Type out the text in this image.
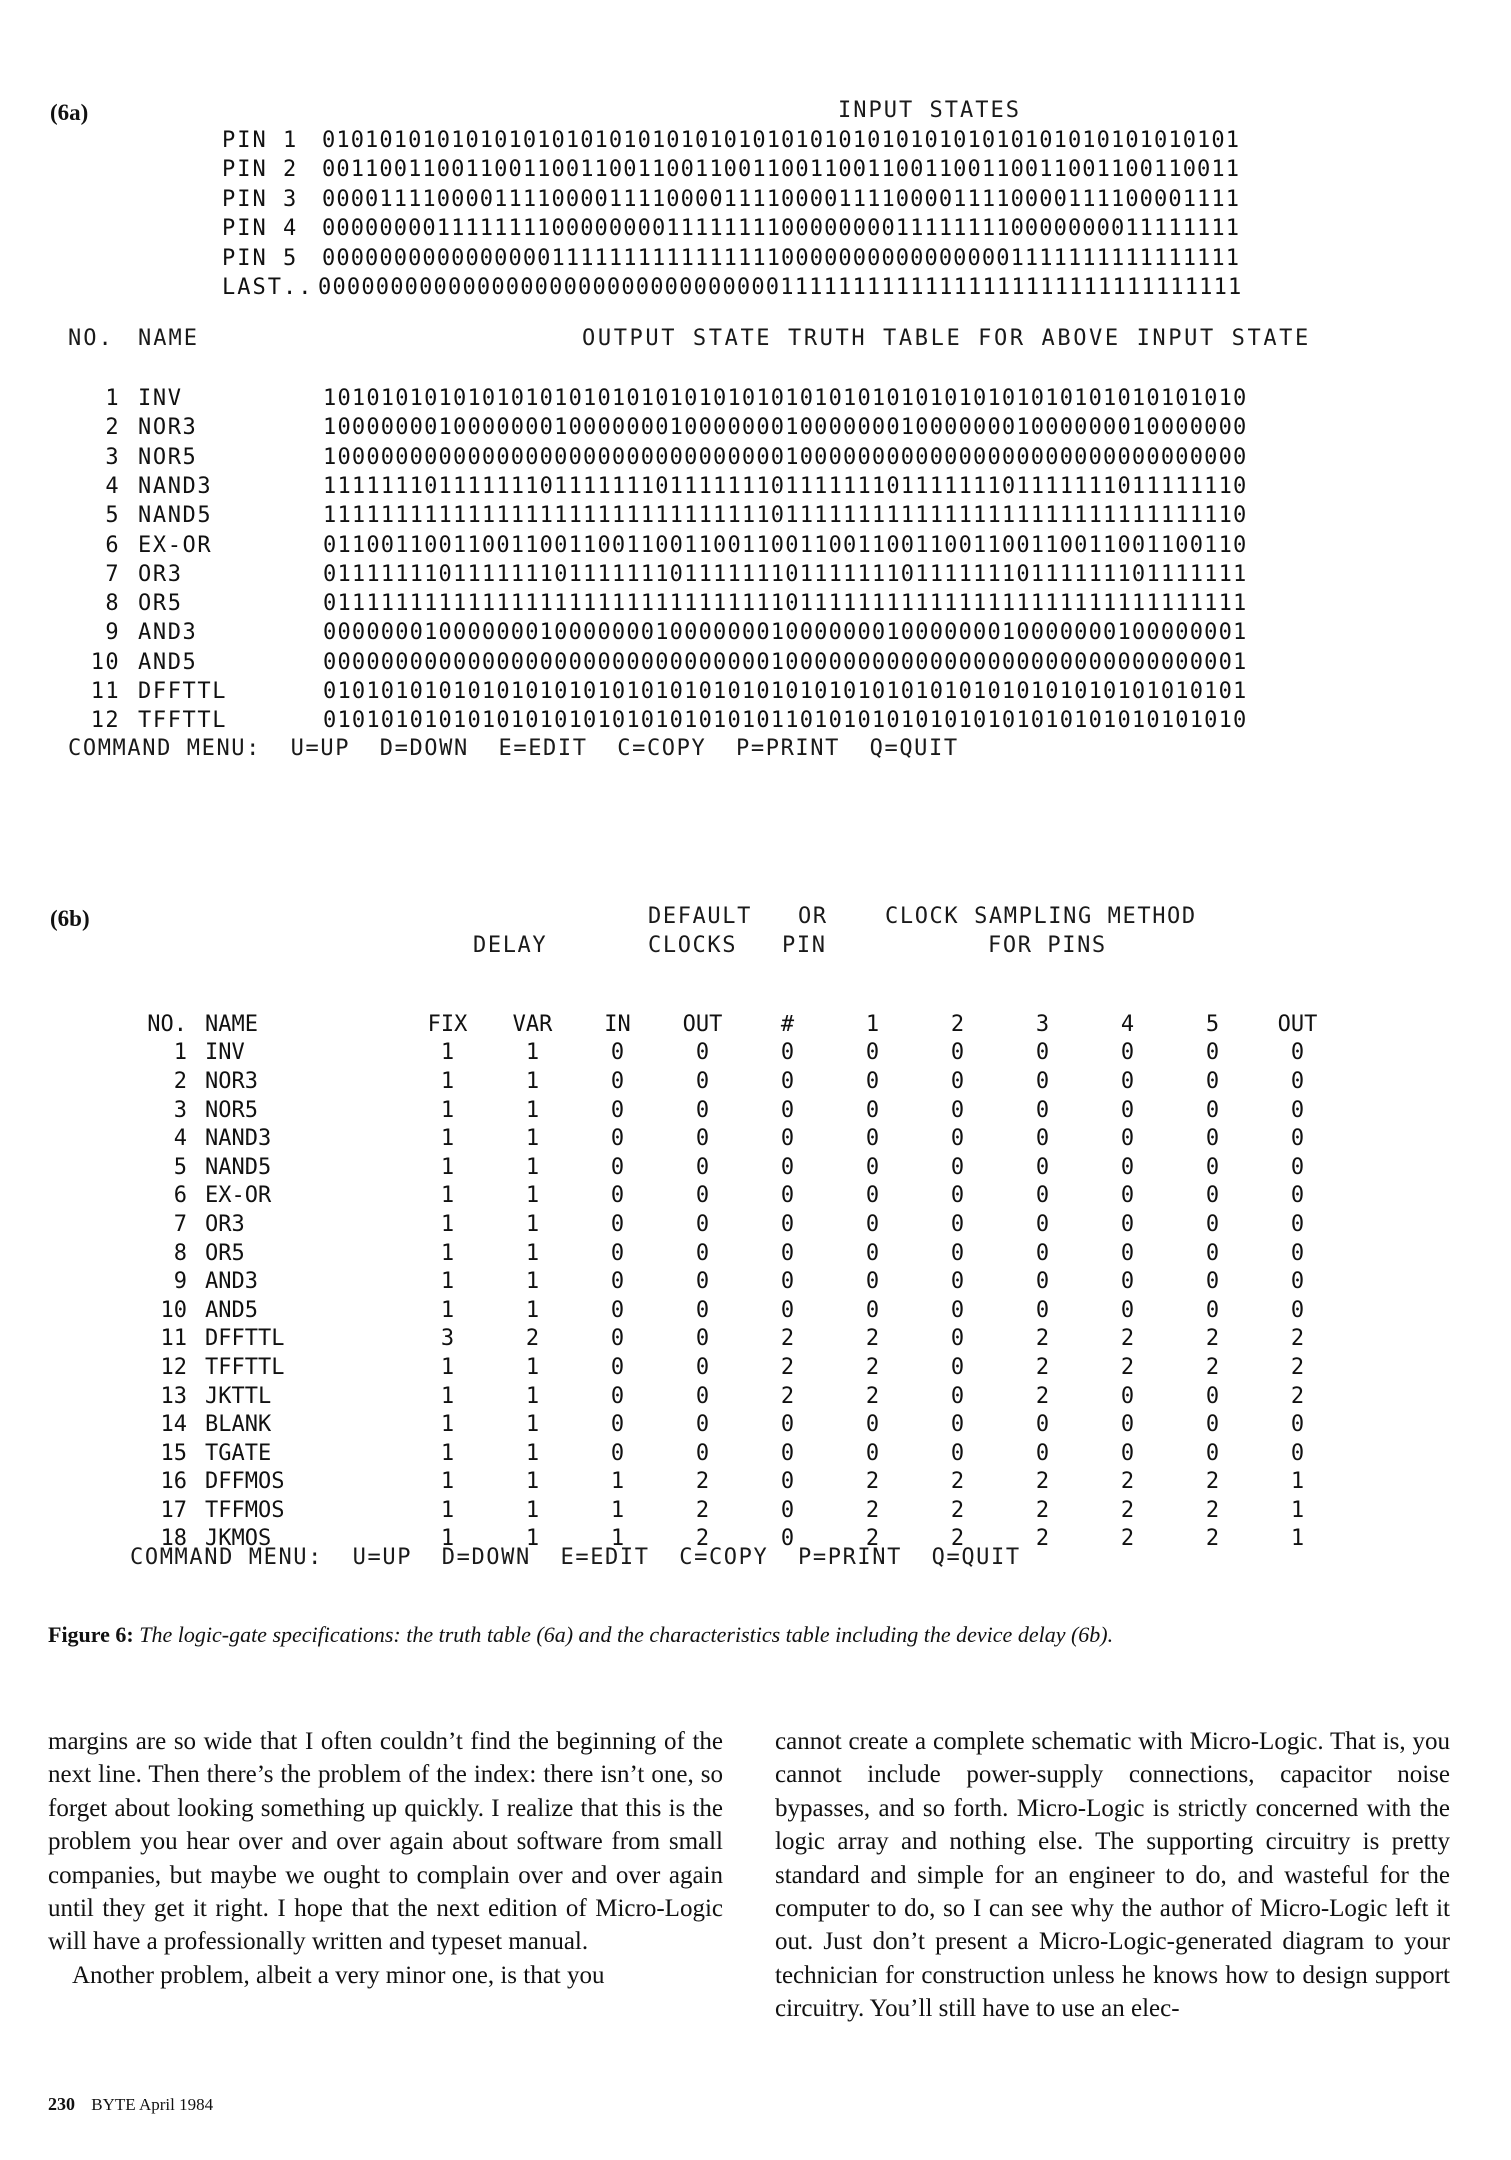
(6a)	INPUT STATES
PIN 1 0101010101010101010101010101010101010101010101010101010101010101
PIN 2 0011001100110011001100110011001100110011001100110011001100110011
PIN 3 0000111100001111000011110000111100001111000011110000111100001111
PIN 4 0000000011111111000000001111111100000000111111110000000011111111
PIN 5 0000000000000000111111111111111100000000000000001111111111111111
LAST.. 0000000000000000000000000000000011111111111111111111111111111111
NO. NAME	OUTPUT STATE TRUTH TABLE FOR ABOVE INPUT STATE
1 INV	1010101010101010101010101010101010101010101010101010101010101010
2 NOR3	1000000010000000100000001000000010000000100000001000000010000000
3 NOR5	1000000000000000000000000000000010000000000000000000000000000000
4 NAND3	1111111011111110111111101111111011111110111111101111111011111110
5 NAND5	1111111111111111111111111111111011111111111111111111111111111110
6 EX-OR	0110011001100110011001100110011001100110011001100110011001100110
7 OR3	0111111101111111011111110111111101111111011111110111111101111111
8 OR5	0111111111111111111111111111111101111111111111111111111111111111
9 AND3	0000000100000001000000010000000100000001000000010000000100000001
10 AND5	0000000000000000000000000000000100000000000000000000000000000001
11 DFFTTL	0101010101010101010101010101010101010101010101010101010101010101
12 TFFTTL	0101010101010101010101010101010110101010101010101010101010101010
COMMAND MENU:  U=UP  D=DOWN  E=EDIT  C=COPY  P=PRINT  Q=QUIT
(6b)	DEFAULT OR	CLOCK SAMPLING METHOD
DELAY	CLOCKS PIN	FOR PINS
NO. NAME	FIX	VAR	IN	OUT	#	1	2	3	4	5	OUT
1 INV	1	1	0	0	0	0	0	0	0	0	0
2 NOR3	1	1	0	0	0	0	0	0	0	0	0
3 NOR5	1	1	0	0	0	0	0	0	0	0	0
4 NAND3	1	1	0	0	0	0	0	0	0	0	0
5 NAND5	1	1	0	0	0	0	0	0	0	0	0
6 EX-OR	1	1	0	0	0	0	0	0	0	0	0
7 OR3	1	1	0	0	0	0	0	0	0	0	0
8 OR5	1	1	0	0	0	0	0	0	0	0	0
9 AND3	1	1	0	0	0	0	0	0	0	0	0
10 AND5	1	1	0	0	0	0	0	0	0	0	0
11 DFFTTL	3	2	0	0	2	2	0	2	2	2	2
12 TFFTTL	1	1	0	0	2	2	0	2	2	2	2
13 JKTTL	1	1	0	0	2	2	0	2	0	0	2
14 BLANK	1	1	0	0	0	0	0	0	0	0	0
15 TGATE	1	1	0	0	0	0	0	0	0	0	0
16 DFFMOS	1	1	1	2	0	2	2	2	2	2	1
17 TFFMOS	1	1	1	2	0	2	2	2	2	2	1
18 JKMOS	1	1	1	2	0	2	2	2	2	2	1
COMMAND MENU:  U=UP  D=DOWN  E=EDIT  C=COPY  P=PRINT  Q=QUIT
Figure 6: The logic-gate specifications: the truth table (6a) and the characteristics table including the device delay (6b).

margins are so wide that I often couldn’t find the beginning of the next line. Then there’s the problem of the index: there isn’t one, so forget about looking something up quickly. I realize that this is the problem you hear over and over again about software from small companies, but maybe we ought to complain over and over again until they get it right. I hope that the next edition of Micro-Logic will have a professionally written and typeset manual.

Another problem, albeit a very minor one, is that you

cannot create a complete schematic with Micro-Logic. That is, you cannot include power-supply connections, capacitor noise bypasses, and so forth. Micro-Logic is strictly concerned with the logic array and nothing else. The supporting circuitry is pretty standard and simple for an engineer to do, and wasteful for the computer to do, so I can see why the author of Micro-Logic left it out. Just don’t present a Micro-Logic-generated diagram to your technician for construction unless he knows how to design support circuitry. You’ll still have to use an elec-

230 BYTE April 1984
